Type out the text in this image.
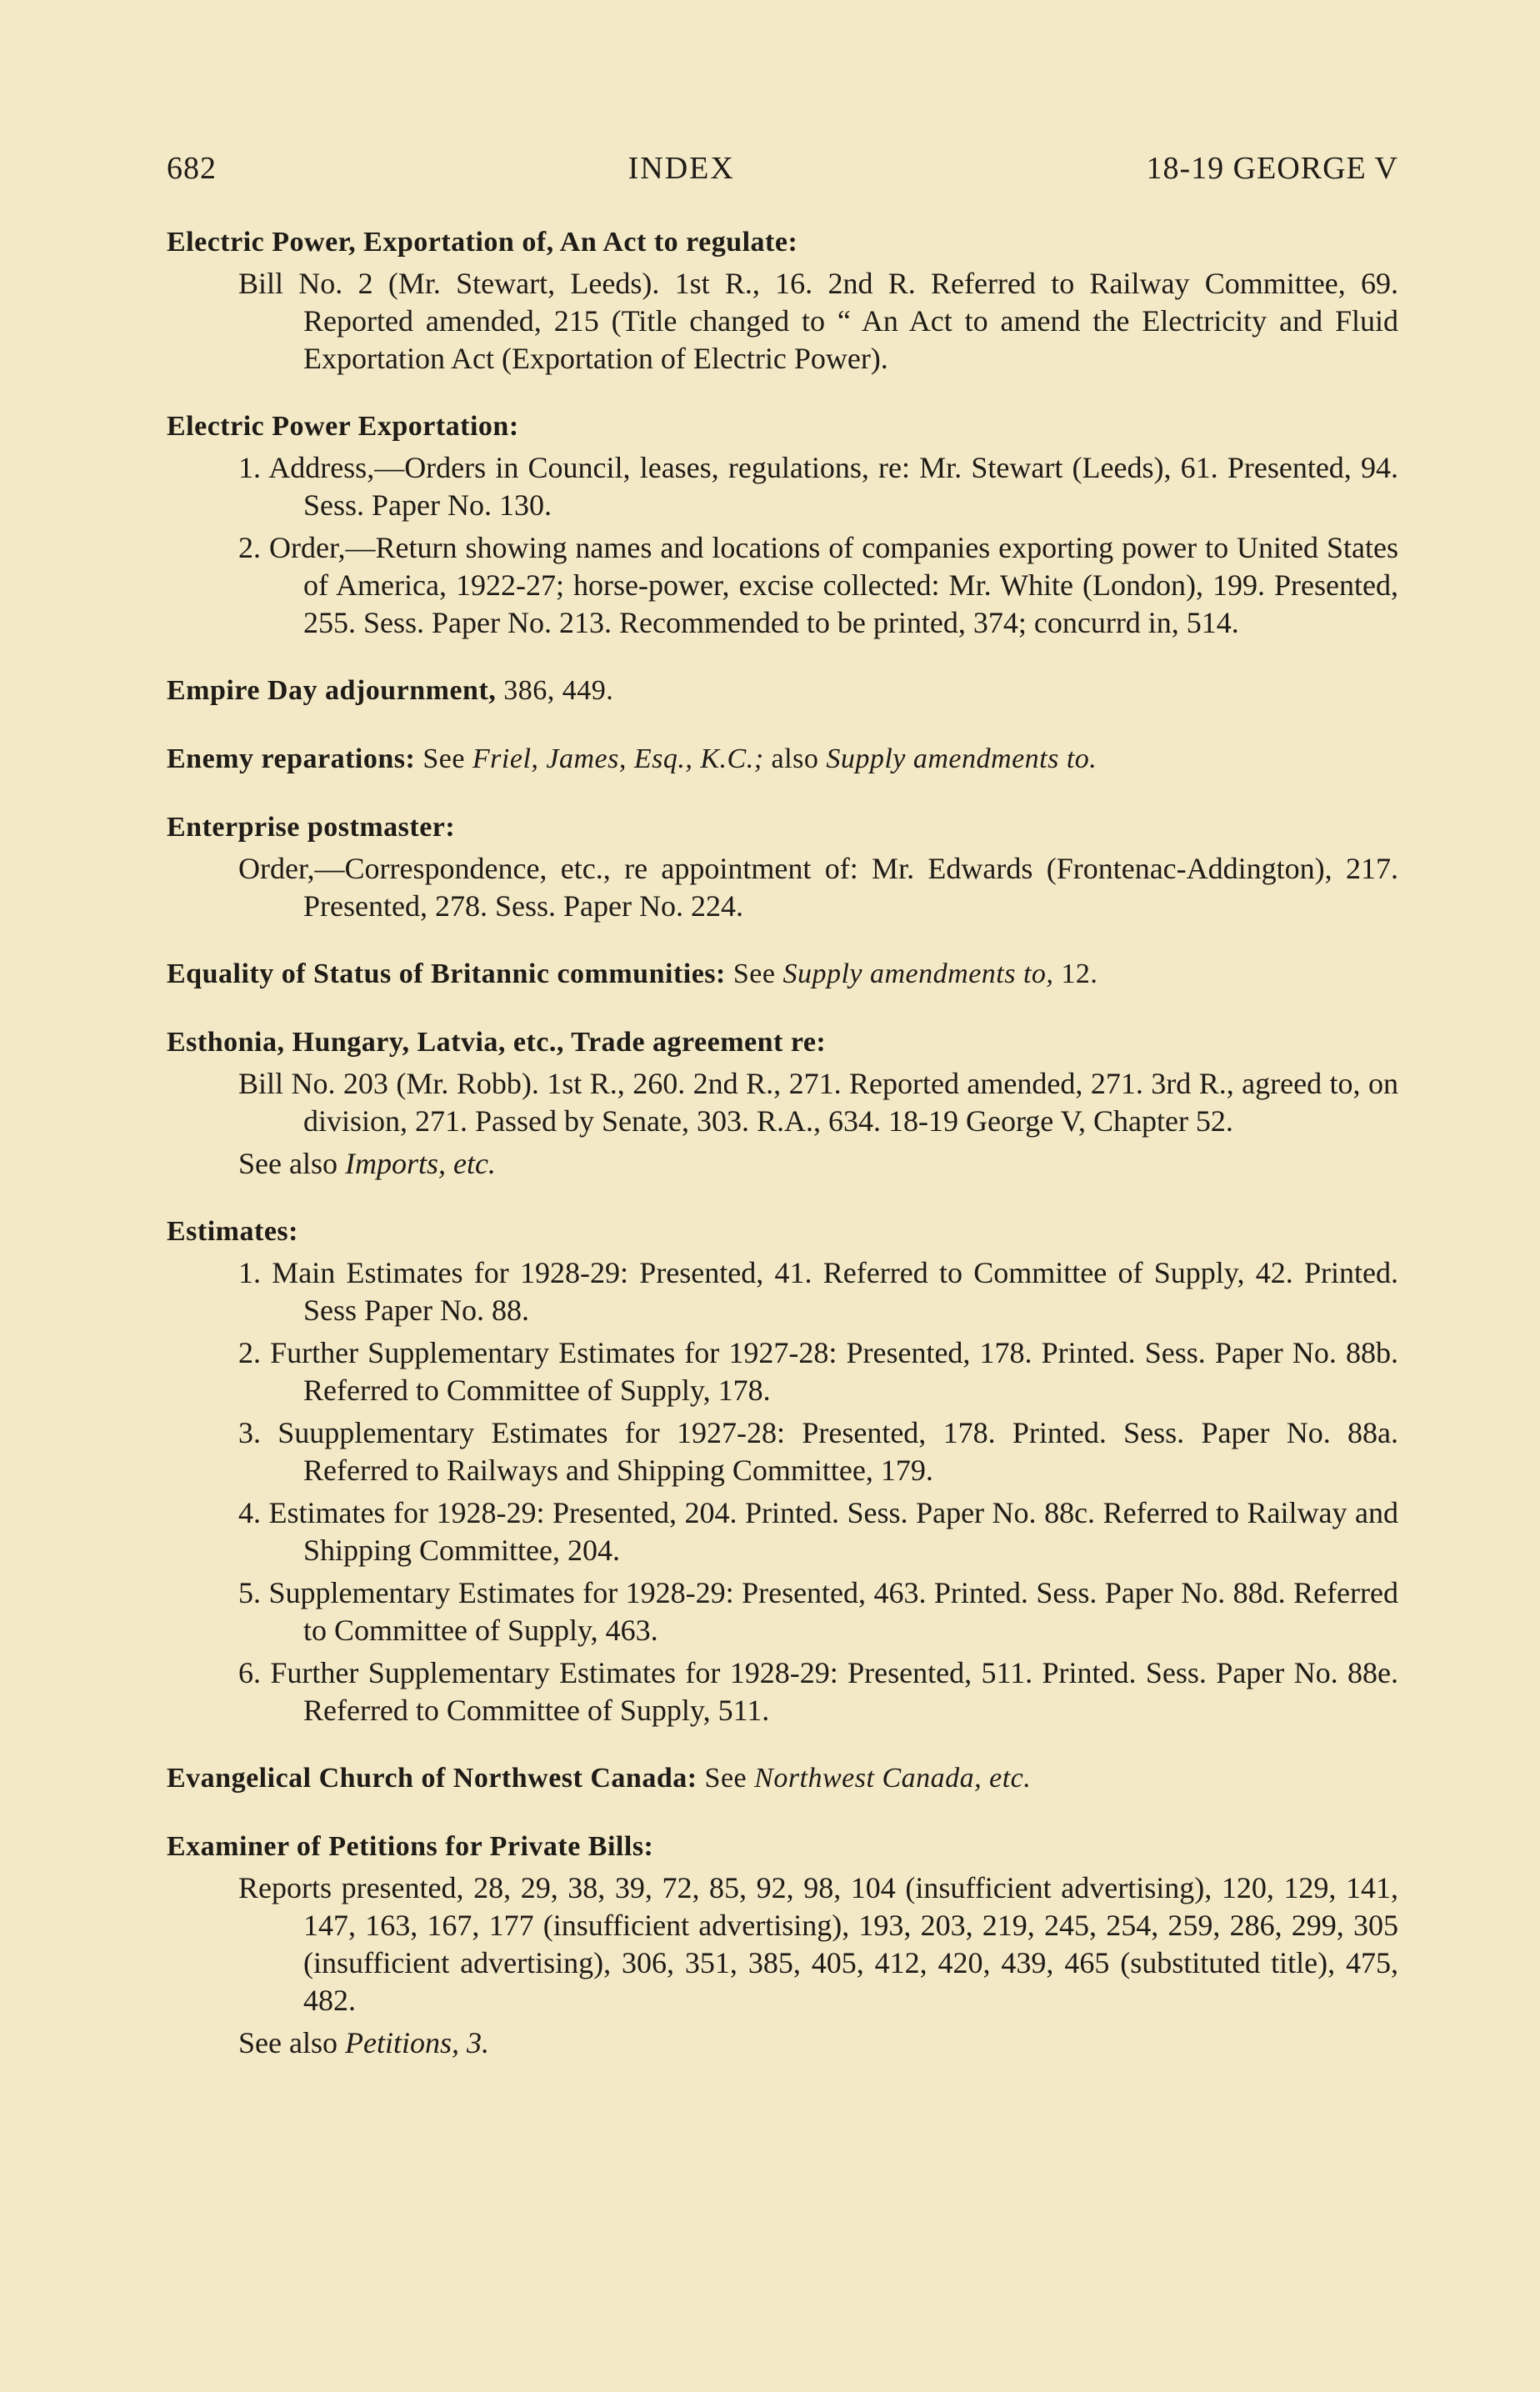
682	INDEX	18-19 GEORGE V

Electric Power, Exportation of, An Act to regulate:

Bill No. 2 (Mr. Stewart, Leeds). 1st R., 16. 2nd R. Referred to Railway Committee, 69. Reported amended, 215 (Title changed to “ An Act to amend the Electricity and Fluid Exportation Act (Exportation of Electric Power).

Electric Power Exportation:

1. Address,—Orders in Council, leases, regulations, re: Mr. Stewart (Leeds), 61. Presented, 94. Sess. Paper No. 130.

2. Order,—Return showing names and locations of companies exporting power to United States of America, 1922-27; horse-power, excise collected: Mr. White (London), 199. Presented, 255. Sess. Paper No. 213. Recommended to be printed, 374; concurrd in, 514.

Empire Day adjournment, 386, 449.

Enemy reparations: See Friel, James, Esq., K.C.; also Supply amendments to.

Enterprise postmaster:

Order,—Correspondence, etc., re appointment of: Mr. Edwards (Frontenac-Addington), 217. Presented, 278. Sess. Paper No. 224.

Equality of Status of Britannic communities: See Supply amendments to, 12.

Esthonia, Hungary, Latvia, etc., Trade agreement re:

Bill No. 203 (Mr. Robb). 1st R., 260. 2nd R., 271. Reported amended, 271. 3rd R., agreed to, on division, 271. Passed by Senate, 303. R.A., 634. 18-19 George V, Chapter 52.

See also Imports, etc.

Estimates:

1. Main Estimates for 1928-29: Presented, 41. Referred to Committee of Supply, 42. Printed. Sess Paper No. 88.

2. Further Supplementary Estimates for 1927-28: Presented, 178. Printed. Sess. Paper No. 88b. Referred to Committee of Supply, 178.

3. Suupplementary Estimates for 1927-28: Presented, 178. Printed. Sess. Paper No. 88a. Referred to Railways and Shipping Committee, 179.

4. Estimates for 1928-29: Presented, 204. Printed. Sess. Paper No. 88c. Referred to Railway and Shipping Committee, 204.

5. Supplementary Estimates for 1928-29: Presented, 463. Printed. Sess. Paper No. 88d. Referred to Committee of Supply, 463.

6. Further Supplementary Estimates for 1928-29: Presented, 511. Printed. Sess. Paper No. 88e. Referred to Committee of Supply, 511.

Evangelical Church of Northwest Canada: See Northwest Canada, etc.

Examiner of Petitions for Private Bills:

Reports presented, 28, 29, 38, 39, 72, 85, 92, 98, 104 (insufficient advertising), 120, 129, 141, 147, 163, 167, 177 (insufficient advertising), 193, 203, 219, 245, 254, 259, 286, 299, 305 (insufficient advertising), 306, 351, 385, 405, 412, 420, 439, 465 (substituted title), 475, 482.

See also Petitions, 3.
